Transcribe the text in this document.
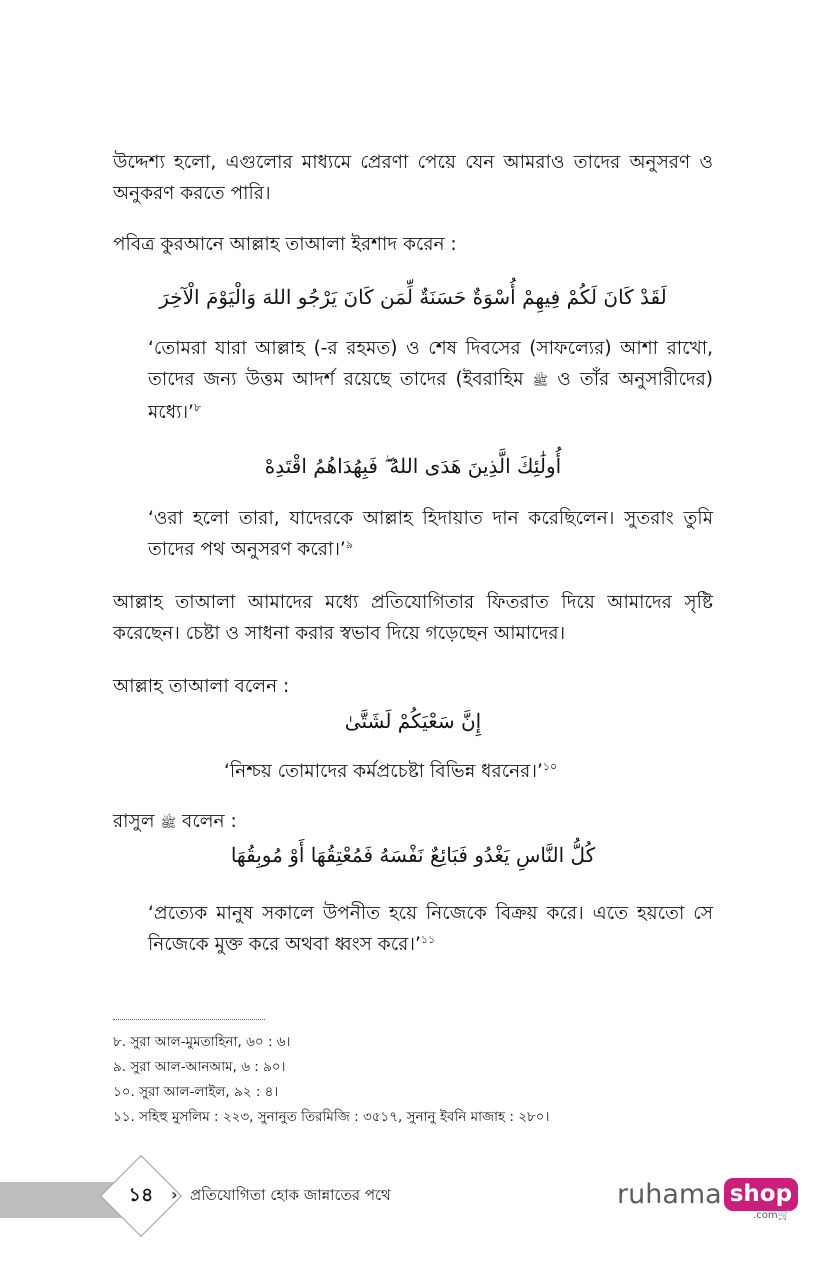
উদ্দেশ্য হলো, এগুলোর মাধ্যমে প্রেরণা পেয়ে যেন আমরাও তাদের অনুসরণ ও অনুকরণ করতে পারি।

পবিত্র কুরআনে আল্লাহ তাআলা ইরশাদ করেন :

لَقَدْ كَانَ لَكُمْ فِيهِمْ أُسْوَةٌ حَسَنَةٌ لِّمَن كَانَ يَرْجُو اللهَ وَالْيَوْمَ الْآخِرَ

‘তোমরা যারা আল্লাহ (-র রহমত) ও শেষ দিবসের (সাফল্যের) আশা রাখো, তাদের জন্য উত্তম আদর্শ রয়েছে তাদের (ইবরাহিম ﷺ ও তাঁর অনুসারীদের) মধ্যে।’$^৮$

أُولَٰئِكَ الَّذِينَ هَدَى اللهُ ۖ فَبِهُدَاهُمُ اقْتَدِهْ

‘ওরা হলো তারা, যাদেরকে আল্লাহ হিদায়াত দান করেছিলেন। সুতরাং তুমি তাদের পথ অনুসরণ করো।’$^৯$

আল্লাহ তাআলা আমাদের মধ্যে প্রতিযোগিতার ফিতরাত দিয়ে আমাদের সৃষ্টি করেছেন। চেষ্টা ও সাধনা করার স্বভাব দিয়ে গড়েছেন আমাদের।

আল্লাহ তাআলা বলেন :

إِنَّ سَعْيَكُمْ لَشَتَّىٰ

‘নিশ্চয় তোমাদের কর্মপ্রচেষ্টা বিভিন্ন ধরনের।’$^{১০}$

রাসুল ﷺ বলেন :

كُلُّ النَّاسِ يَغْدُو فَبَائِعٌ نَفْسَهُ فَمُعْتِقُهَا أَوْ مُوبِقُهَا

‘প্রত্যেক মানুষ সকালে উপনীত হয়ে নিজেকে বিক্রয় করে। এতে হয়তো সে নিজেকে মুক্ত করে অথবা ধ্বংস করে।’$^{১১}$

৮. সুরা আল-মুমতাহিনা, ৬০ : ৬।

৯. সুরা আল-আনআম, ৬ : ৯০।

১০. সুরা আল-লাইল, ৯২ : ৪।

১১. সহিহু মুসলিম : ২২৩, সুনানুত তিরমিজি : ৩৫১৭, সুনানু ইবনি মাজাহ : ২৮০।

১৪	› প্রতিযোগিতা হোক জান্নাতের পথে	ruhama shop
.com🛒
